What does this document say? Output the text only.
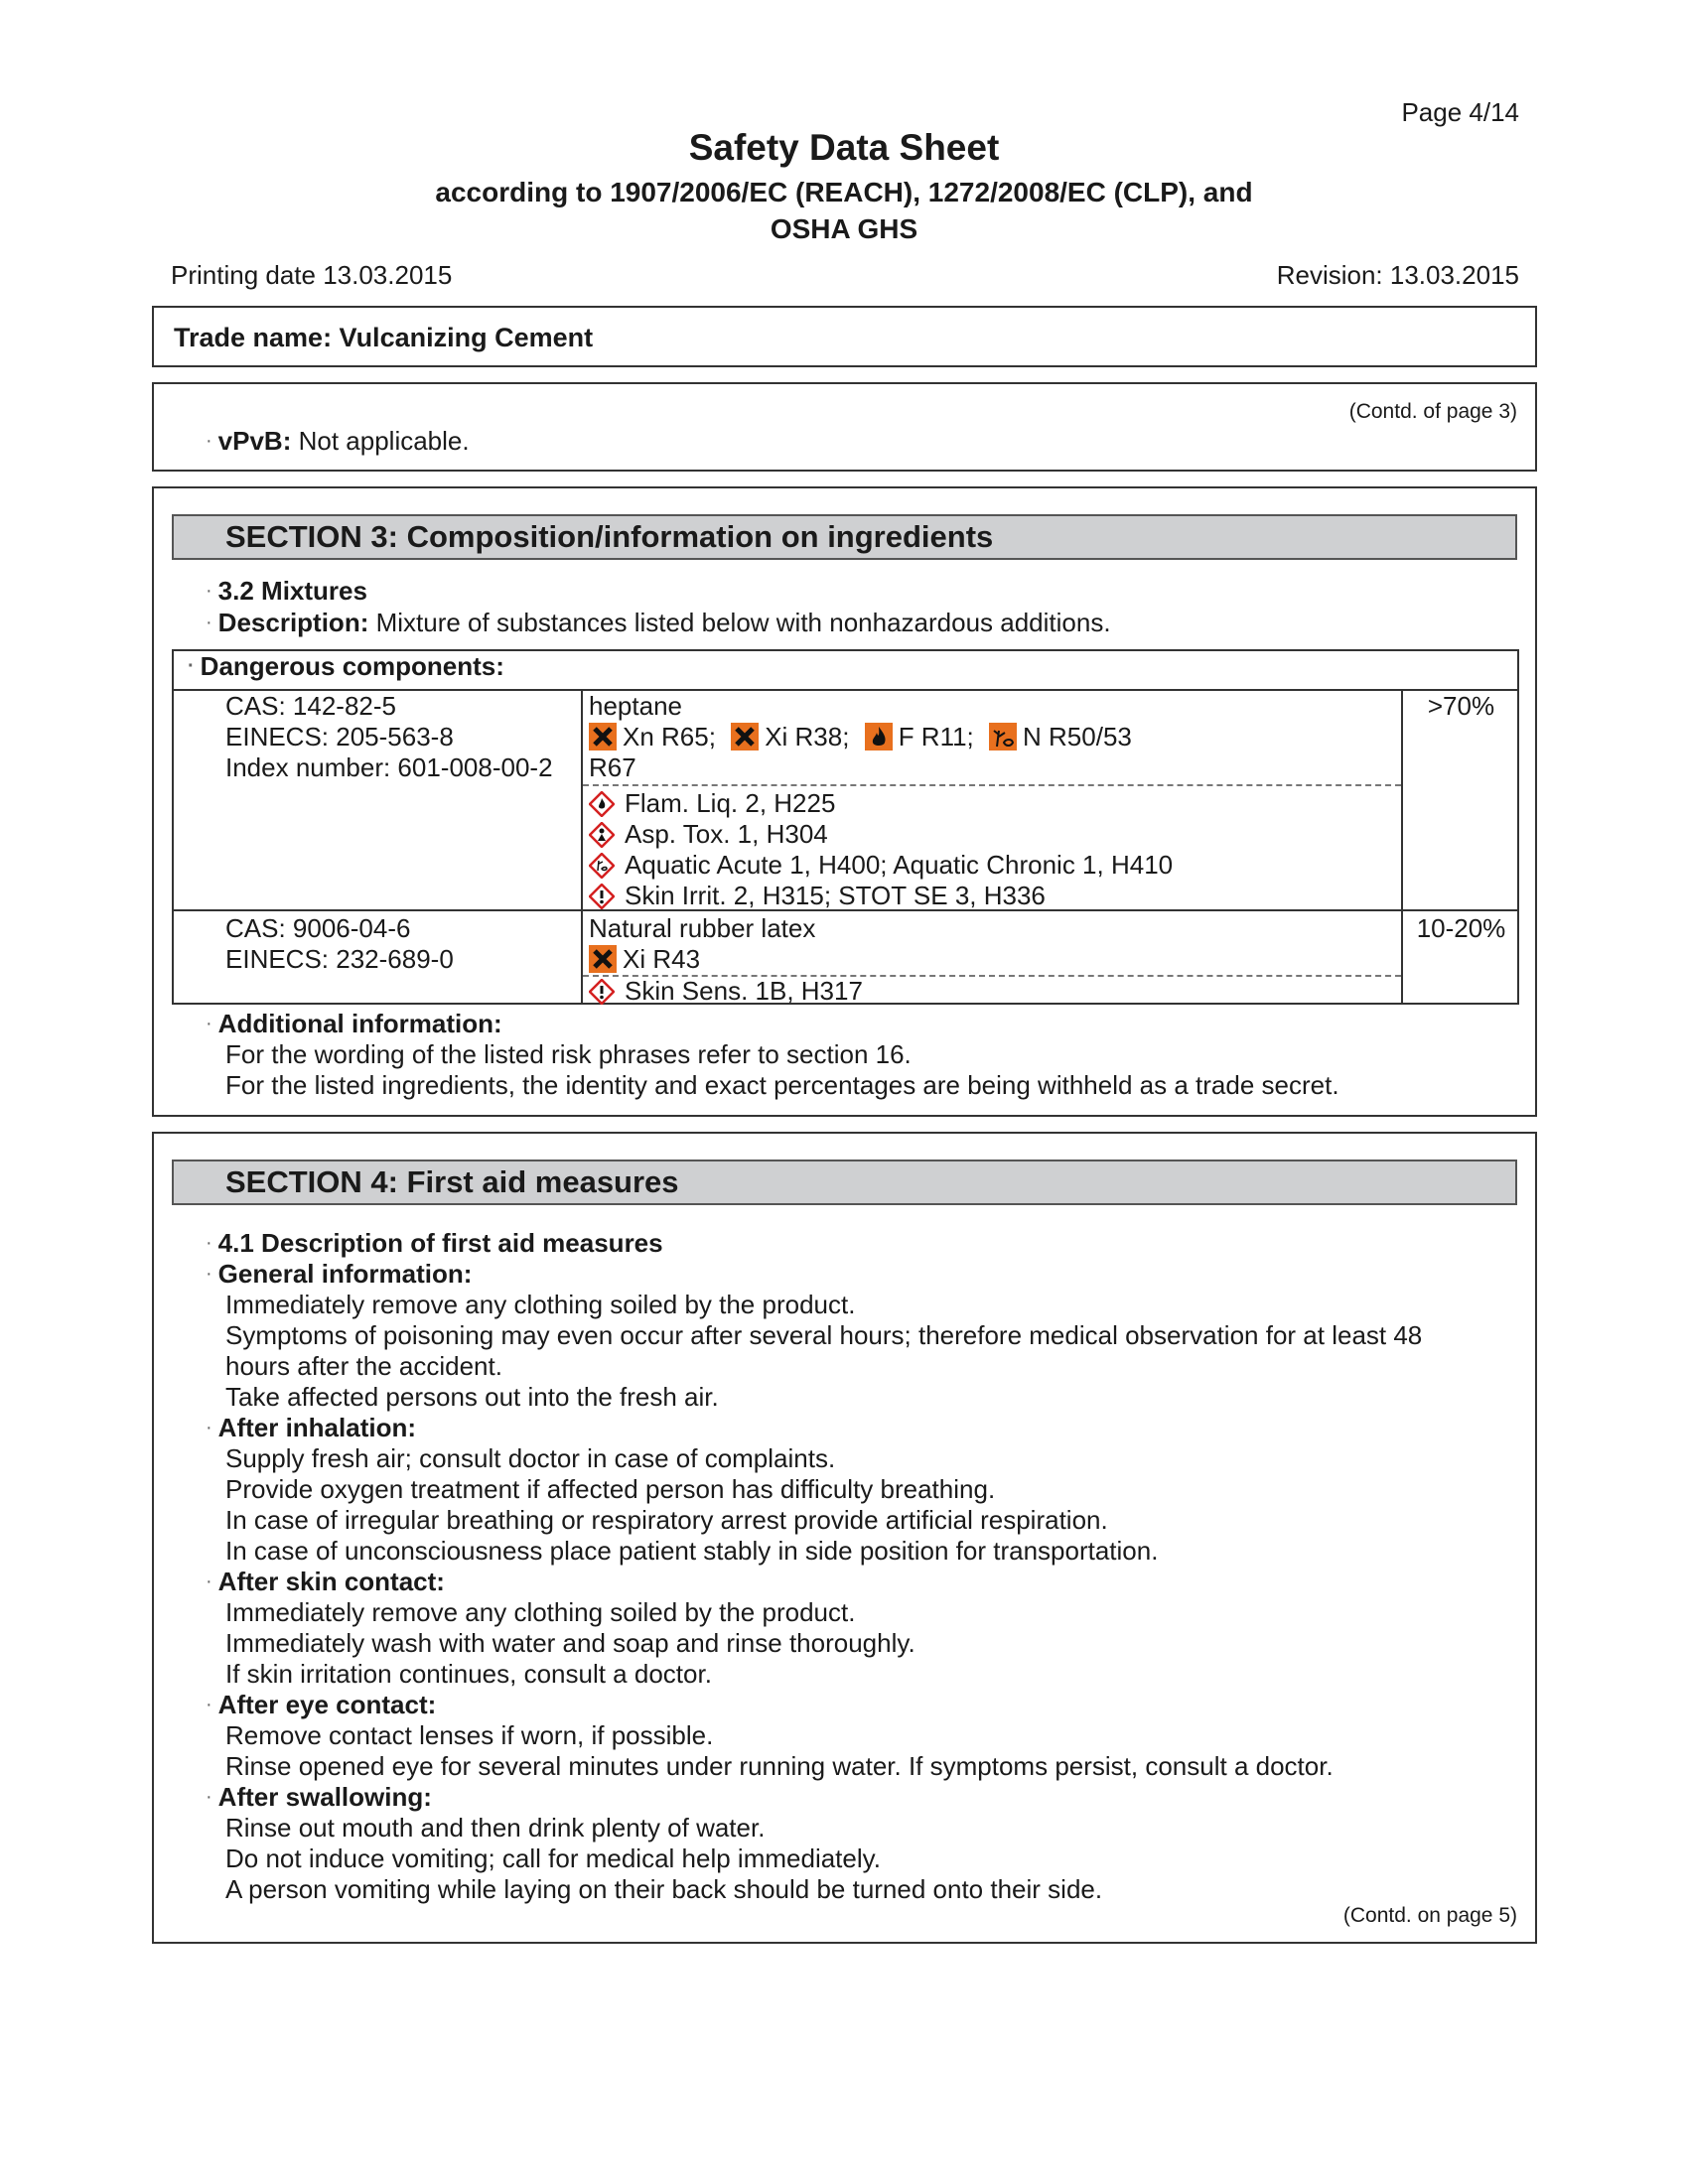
Page 4/14
Safety Data Sheet
according to 1907/2006/EC (REACH), 1272/2008/EC (CLP), and
OSHA GHS
Printing date 13.03.2015	Revision: 13.03.2015
Trade name: Vulcanizing Cement
(Contd. of page 3)
· vPvB: Not applicable.
SECTION 3: Composition/information on ingredients
· 3.2 Mixtures
· Description: Mixture of substances listed below with nonhazardous additions.
· Dangerous components:
CAS: 142-82-5
EINECS: 205-563-8
Index number: 601-008-00-2
heptane
Xn R65; Xi R38; F R11; N R50/53
R67
Flam. Liq. 2, H225
Asp. Tox. 1, H304
Aquatic Acute 1, H400; Aquatic Chronic 1, H410
Skin Irrit. 2, H315; STOT SE 3, H336
>70%
CAS: 9006-04-6
EINECS: 232-689-0
Natural rubber latex
Xi R43
Skin Sens. 1B, H317
10-20%
· Additional information:
For the wording of the listed risk phrases refer to section 16.
For the listed ingredients, the identity and exact percentages are being withheld as a trade secret.
SECTION 4: First aid measures
· 4.1 Description of first aid measures
· General information:
Immediately remove any clothing soiled by the product.
Symptoms of poisoning may even occur after several hours; therefore medical observation for at least 48
hours after the accident.
Take affected persons out into the fresh air.
· After inhalation:
Supply fresh air; consult doctor in case of complaints.
Provide oxygen treatment if affected person has difficulty breathing.
In case of irregular breathing or respiratory arrest provide artificial respiration.
In case of unconsciousness place patient stably in side position for transportation.
· After skin contact:
Immediately remove any clothing soiled by the product.
Immediately wash with water and soap and rinse thoroughly.
If skin irritation continues, consult a doctor.
· After eye contact:
Remove contact lenses if worn, if possible.
Rinse opened eye for several minutes under running water. If symptoms persist, consult a doctor.
· After swallowing:
Rinse out mouth and then drink plenty of water.
Do not induce vomiting; call for medical help immediately.
A person vomiting while laying on their back should be turned onto their side.
(Contd. on page 5)
